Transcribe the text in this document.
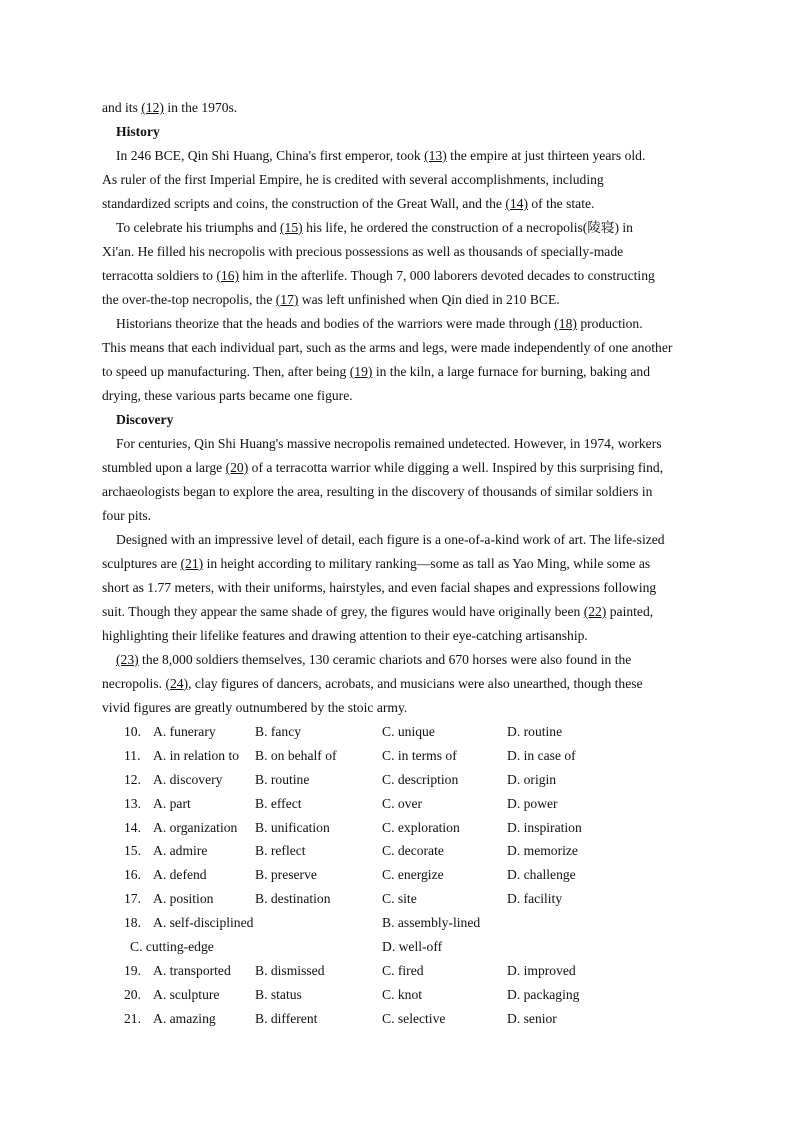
and its (12) in the 1970s.
History
In 246 BCE, Qin Shi Huang, China's first emperor, took (13) the empire at just thirteen years old.
As ruler of the first Imperial Empire, he is credited with several accomplishments, including
standardized scripts and coins, the construction of the Great Wall, and the (14) of the state.
To celebrate his triumphs and (15) his life, he ordered the construction of a necropolis(陵寝) in
Xi'an. He filled his necropolis with precious possessions as well as thousands of specially-made
terracotta soldiers to (16) him in the afterlife. Though 7, 000 laborers devoted decades to constructing
the over-the-top necropolis, the (17) was left unfinished when Qin died in 210 BCE.
Historians theorize that the heads and bodies of the warriors were made through (18) production.
This means that each individual part, such as the arms and legs, were made independently of one another
to speed up manufacturing. Then, after being (19) in the kiln, a large furnace for burning, baking and
drying, these various parts became one figure.
Discovery
For centuries, Qin Shi Huang's massive necropolis remained undetected. However, in 1974, workers
stumbled upon a large (20) of a terracotta warrior while digging a well. Inspired by this surprising find,
archaeologists began to explore the area, resulting in the discovery of thousands of similar soldiers in
four pits.
Designed with an impressive level of detail, each figure is a one-of-a-kind work of art. The life-sized
sculptures are (21) in height according to military ranking—some as tall as Yao Ming, while some as
short as 1.77 meters, with their uniforms, hairstyles, and even facial shapes and expressions following
suit. Though they appear the same shade of grey, the figures would have originally been (22) painted,
highlighting their lifelike features and drawing attention to their eye-catching artisanship.
(23) the 8,000 soldiers themselves, 130 ceramic chariots and 670 horses were also found in the
necropolis. (24), clay figures of dancers, acrobats, and musicians were also unearthed, though these
vivid figures are greatly outnumbered by the stoic army.
10. A. funerary	B. fancy	C. unique	D. routine
11. A. in relation to B. on behalf of	C. in terms of	D. in case of
12. A. discovery B. routine	C. description	D. origin
13. A. part	B. effect	C. over	D. power
14. A. organization B. unification	C. exploration	D. inspiration
15. A. admire	B. reflect	C. decorate	D. memorize
16. A. defend	B. preserve	C. energize	D. challenge
17. A. position	B. destination	C. site	D. facility
18. A. self-disciplined	B. assembly-lined
C. cutting-edge	D. well-off
19. A. transported B. dismissed	C. fired	D. improved
20. A. sculpture	B. status	C. knot	D. packaging
21. A. amazing	B. different	C. selective	D. senior
